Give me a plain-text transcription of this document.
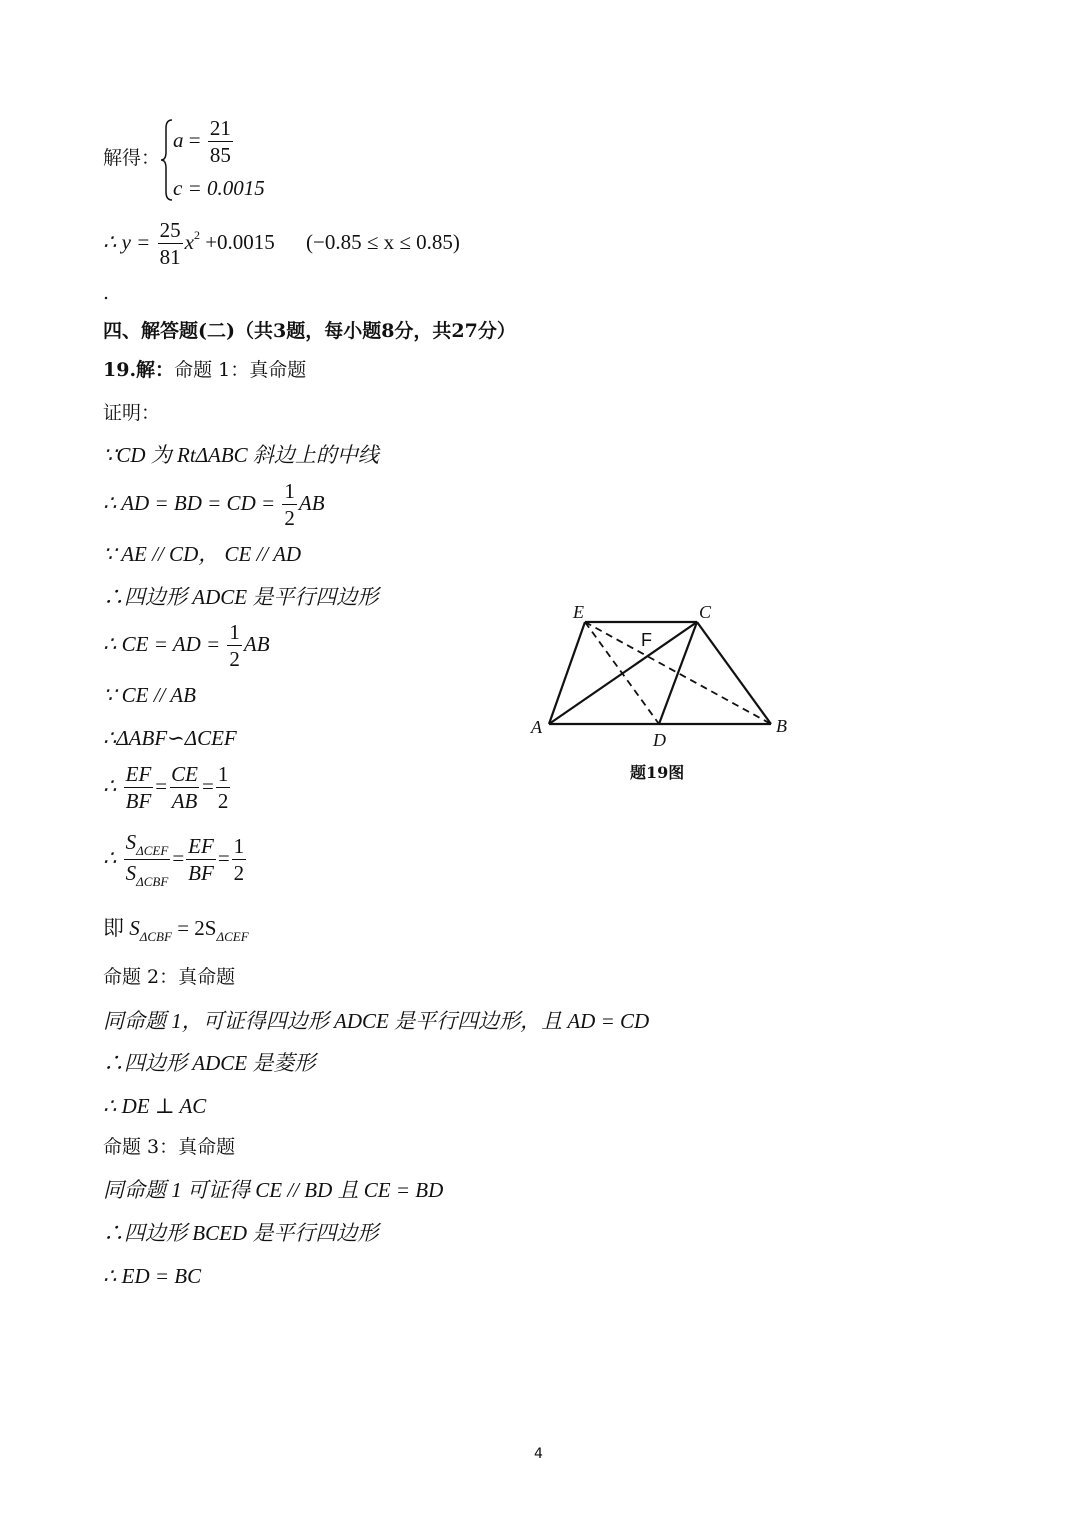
解得：
$a = \frac{21}{85}$
c = 0.0015
∴ $y = \frac{25}{81} x^2 +0.0015$ (−0.85 ≤ x ≤ 0.85)
.
四、解答题(二)（共3题，每小题8分，共27分）
19.解：命题 1：真命题
证明：
∵CD 为 RtΔABC 斜边上的中线
∴ AD = BD = CD = $\frac{1}{2}$ AB
∵ AE // CD， CE // AD
∴四边形 ADCE 是平行四边形
∴ CE = AD = $\frac{1}{2}$ AB
∵ CE // AB
∴ΔABF∽ΔCEF
∴ $\frac{EF}{BF} = \frac{CE}{AB} = \frac{1}{2}$
∴ $\frac{S_{\Delta CEF}}{S_{\Delta CBF}} = \frac{EF}{BF} = \frac{1}{2}$
即 $S_{\Delta CBF} = 2S_{\Delta CEF}$
命题 2：真命题
同命题 1，可证得四边形 ADCE 是平行四边形，且 AD = CD
∴四边形 ADCE 是菱形
∴ DE ⊥ AC
命题 3：真命题
同命题 1 可证得 CE // BD 且 CE = BD
∴四边形 BCED 是平行四边形
∴ ED = BC
E	C
A
D
B
F
题19图
4
